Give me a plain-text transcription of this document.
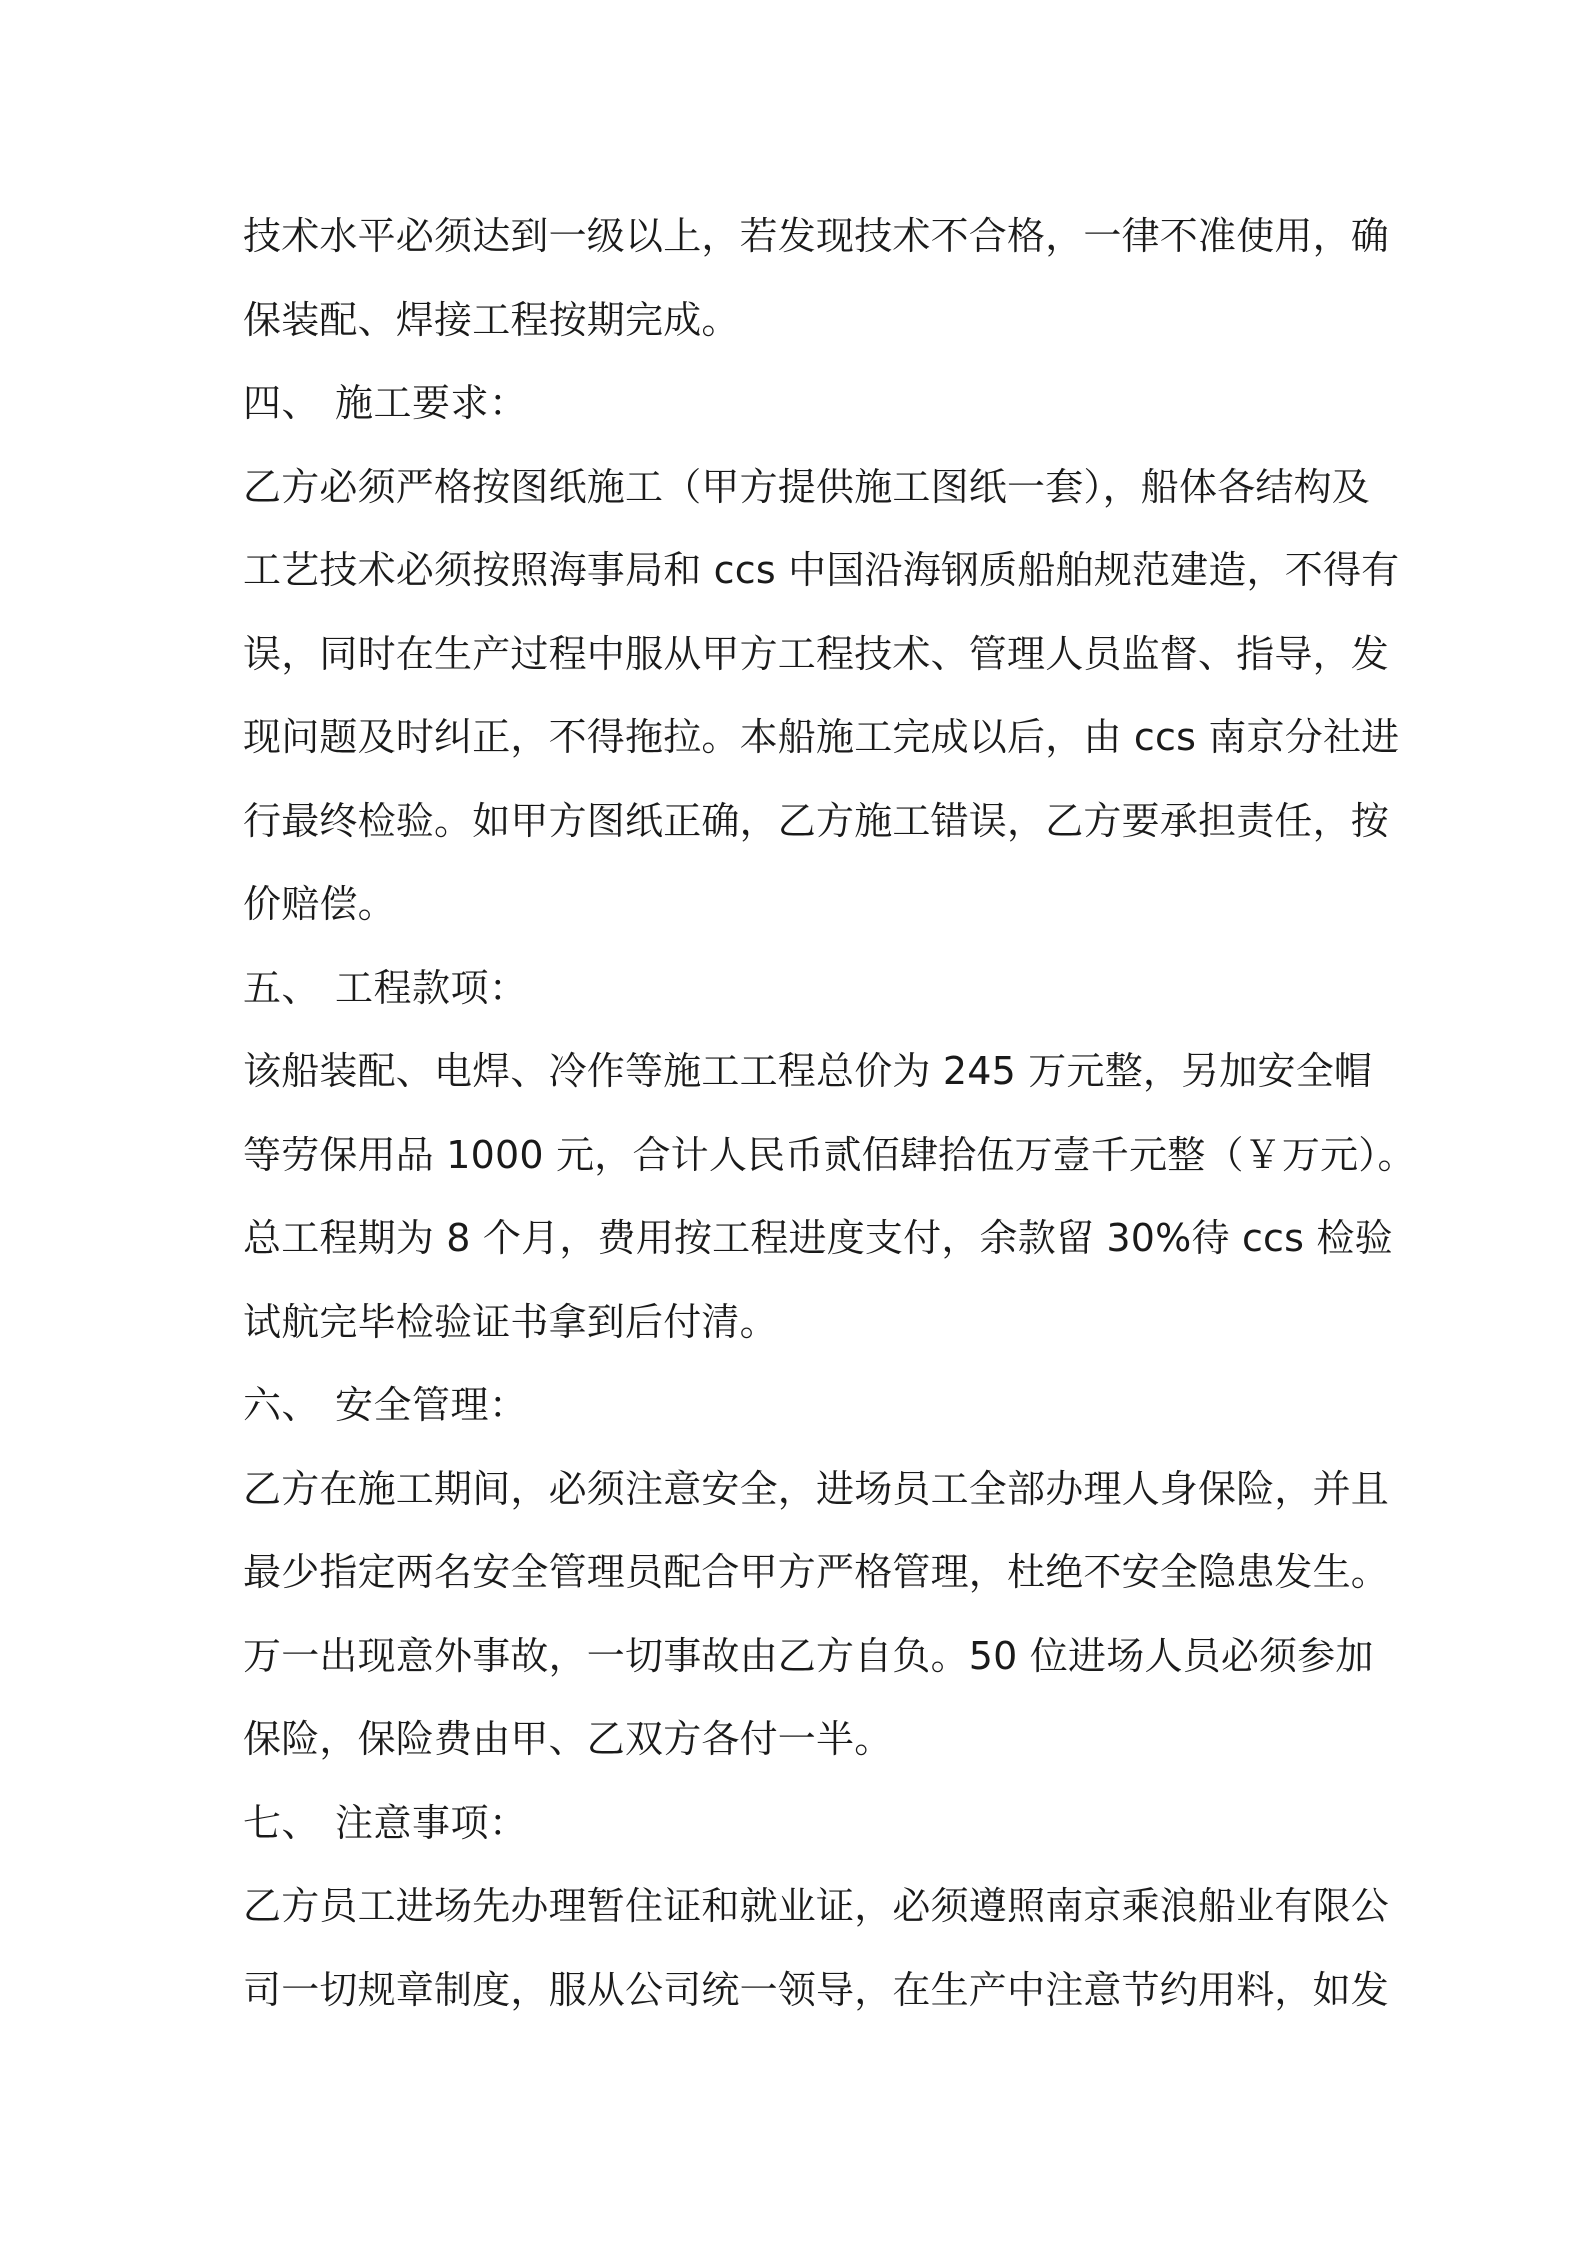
技术水平必须达到一级以上，若发现技术不合格，一律不准使用，确
保装配、焊接工程按期完成。
四、 施工要求：
乙方必须严格按图纸施工（甲方提供施工图纸一套），船体各结构及
工艺技术必须按照海事局和 ccs 中国沿海钢质船舶规范建造，不得有
误，同时在生产过程中服从甲方工程技术、管理人员监督、指导，发
现问题及时纠正，不得拖拉。本船施工完成以后，由 ccs 南京分社进
行最终检验。如甲方图纸正确，乙方施工错误，乙方要承担责任，按
价赔偿。
五、 工程款项：
该船装配、电焊、冷作等施工工程总价为 245 万元整，另加安全帽
等劳保用品 1000 元，合计人民币贰佰肆拾伍万壹千元整（￥万元）。
总工程期为 8 个月，费用按工程进度支付，余款留 30%待 ccs 检验
试航完毕检验证书拿到后付清。
六、 安全管理：
乙方在施工期间，必须注意安全，进场员工全部办理人身保险，并且
最少指定两名安全管理员配合甲方严格管理，杜绝不安全隐患发生。
万一出现意外事故，一切事故由乙方自负。50 位进场人员必须参加
保险，保险费由甲、乙双方各付一半。
七、 注意事项：
乙方员工进场先办理暂住证和就业证，必须遵照南京乘浪船业有限公
司一切规章制度，服从公司统一领导，在生产中注意节约用料，如发
